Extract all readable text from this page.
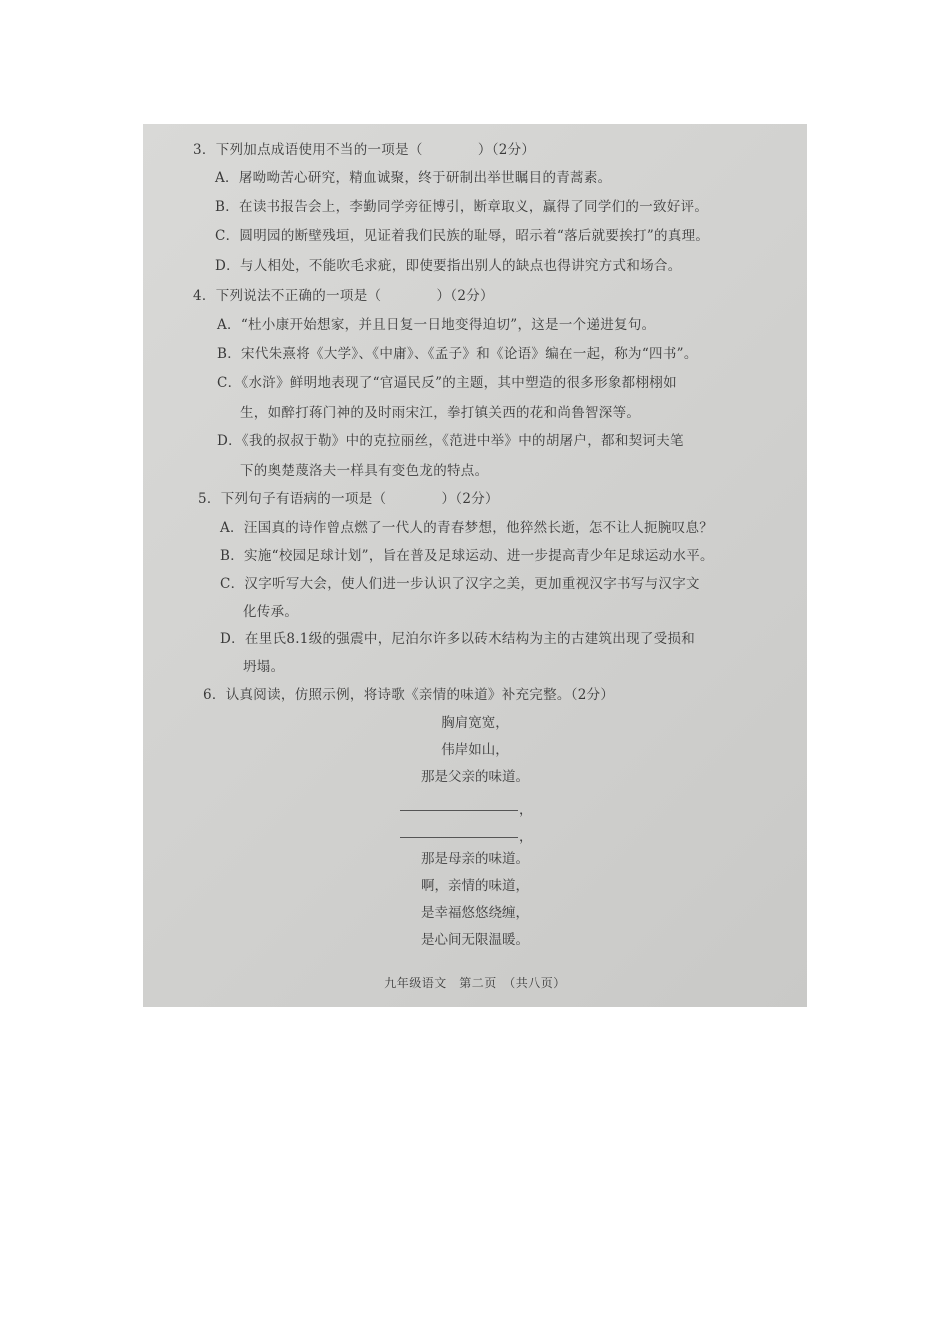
3．下列加点成语使用不当的一项是（　　　　）（2分）
A．屠呦呦苦心研究，精血诚聚，终于研制出举世瞩目的青蒿素。
B．在读书报告会上，李勤同学旁征博引，断章取义，赢得了同学们的一致好评。
C．圆明园的断壁残垣，见证着我们民族的耻辱，昭示着“落后就要挨打”的真理。
D．与人相处，不能吹毛求疵，即使要指出别人的缺点也得讲究方式和场合。
4．下列说法不正确的一项是（　　　　）（2分）
A．“杜小康开始想家，并且日复一日地变得迫切”，这是一个递进复句。
B．宋代朱熹将《大学》、《中庸》、《孟子》和《论语》编在一起，称为“四书”。
C．《水浒》鲜明地表现了“官逼民反”的主题，其中塑造的很多形象都栩栩如
生，如醉打蒋门神的及时雨宋江，拳打镇关西的花和尚鲁智深等。
D．《我的叔叔于勒》中的克拉丽丝，《范进中举》中的胡屠户，都和契诃夫笔
下的奥楚蔑洛夫一样具有变色龙的特点。
5．下列句子有语病的一项是（　　　　）（2分）
A．汪国真的诗作曾点燃了一代人的青春梦想，他猝然长逝，怎不让人扼腕叹息？
B．实施“校园足球计划”，旨在普及足球运动、进一步提高青少年足球运动水平。
C．汉字听写大会，使人们进一步认识了汉字之美，更加重视汉字书写与汉字文
化传承。
D．在里氏8.1级的强震中，尼泊尔许多以砖木结构为主的古建筑出现了受损和
坍塌。
6．认真阅读，仿照示例，将诗歌《亲情的味道》补充完整。（2分）
胸肩宽宽，
伟岸如山，
那是父亲的味道。
，
，
那是母亲的味道。
啊，亲情的味道，
是幸福悠悠绕缠，
是心间无限温暖。
九年级语文　第二页　（共八页）
